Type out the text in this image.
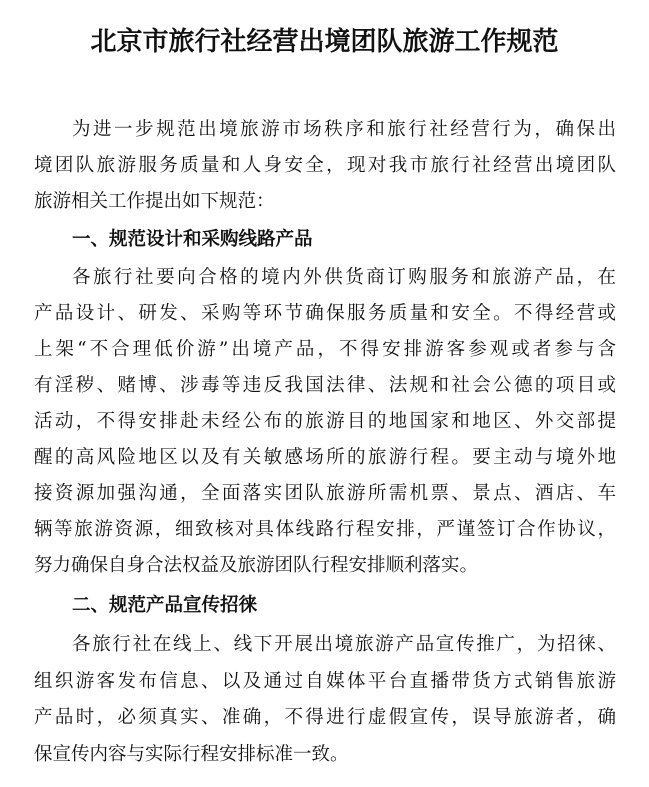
北京市旅行社经营出境团队旅游工作规范
为进一步规范出境旅游市场秩序和旅行社经营行为，确保出
境团队旅游服务质量和人身安全，现对我市旅行社经营出境团队
旅游相关工作提出如下规范：
一、规范设计和采购线路产品
各旅行社要向合格的境内外供货商订购服务和旅游产品，在
产品设计、研发、采购等环节确保服务质量和安全。不得经营或
上架“不合理低价游”出境产品，不得安排游客参观或者参与含
有淫秽、赌博、涉毒等违反我国法律、法规和社会公德的项目或
活动，不得安排赴未经公布的旅游目的地国家和地区、外交部提
醒的高风险地区以及有关敏感场所的旅游行程。要主动与境外地
接资源加强沟通，全面落实团队旅游所需机票、景点、酒店、车
辆等旅游资源，细致核对具体线路行程安排，严谨签订合作协议，
努力确保自身合法权益及旅游团队行程安排顺利落实。
二、规范产品宣传招徕
各旅行社在线上、线下开展出境旅游产品宣传推广，为招徕、
组织游客发布信息、以及通过自媒体平台直播带货方式销售旅游
产品时，必须真实、准确，不得进行虚假宣传，误导旅游者，确
保宣传内容与实际行程安排标准一致。
